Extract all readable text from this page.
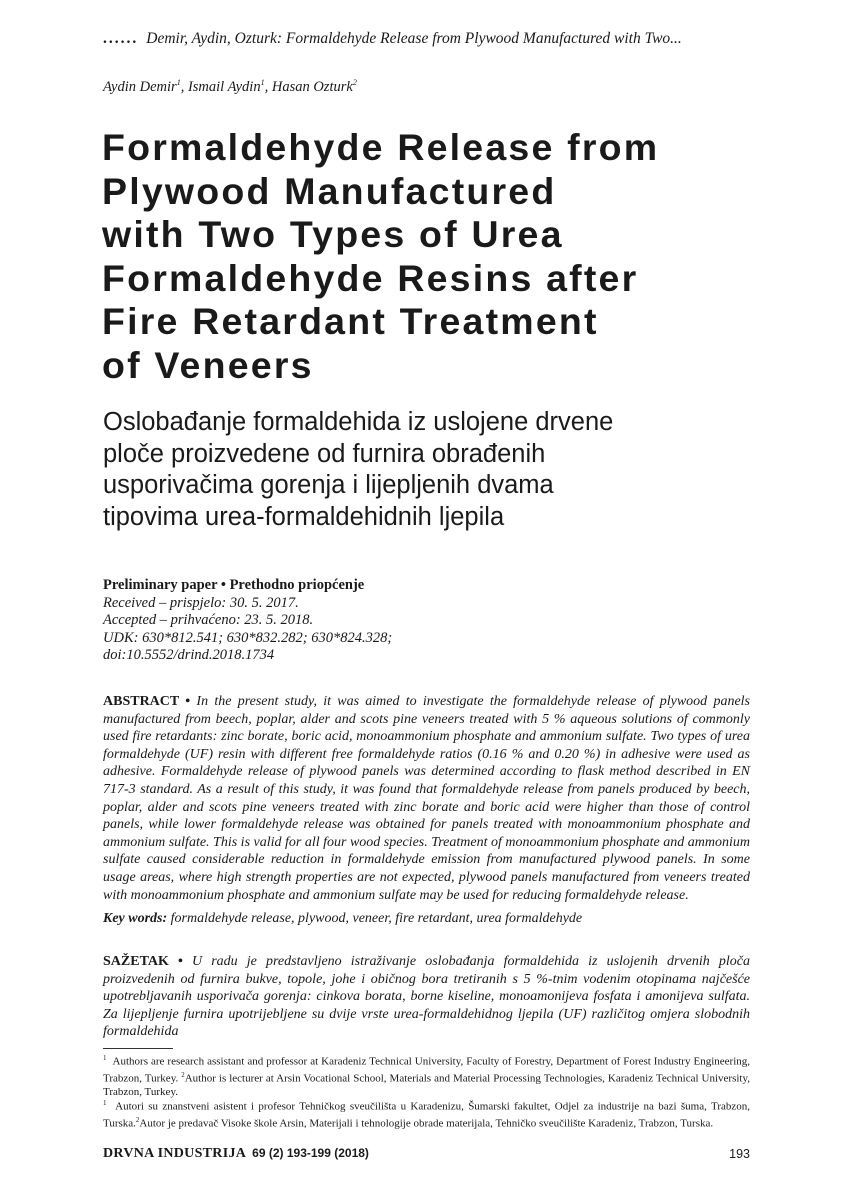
...... Demir, Aydin, Ozturk: Formaldehyde Release from Plywood Manufactured with Two...
Aydin Demir$^1$, Ismail Aydin$^1$, Hasan Ozturk$^2$
Formaldehyde Release from
Plywood Manufactured
with Two Types of Urea
Formaldehyde Resins after
Fire Retardant Treatment
of Veneers
Oslobađanje formaldehida iz uslojene drvene
ploče proizvedene od furnira obrađenih
usporivačima gorenja i lijepljenih dvama
tipovima urea-formaldehidnih ljepila
Preliminary paper • Prethodno priopćenje
Received – prispjelo: 30. 5. 2017.
Accepted – prihvaćeno: 23. 5. 2018.
UDK: 630*812.541; 630*832.282; 630*824.328;
doi:10.5552/drind.2018.1734
ABSTRACT • In the present study, it was aimed to investigate the formaldehyde release of plywood panels manufactured from beech, poplar, alder and scots pine veneers treated with 5 % aqueous solutions of commonly used fire retardants: zinc borate, boric acid, monoammonium phosphate and ammonium sulfate. Two types of urea formaldehyde (UF) resin with different free formaldehyde ratios (0.16 % and 0.20 %) in adhesive were used as adhesive. Formaldehyde release of plywood panels was determined according to flask method described in EN 717-3 standard. As a result of this study, it was found that formaldehyde release from panels produced by beech, poplar, alder and scots pine veneers treated with zinc borate and boric acid were higher than those of control panels, while lower formaldehyde release was obtained for panels treated with monoammonium phosphate and ammonium sulfate. This is valid for all four wood species. Treatment of monoammonium phosphate and ammonium sulfate caused considerable reduction in formaldehyde emission from manufactured plywood panels. In some usage areas, where high strength properties are not expected, plywood panels manufactured from veneers treated with monoammonium phosphate and ammonium sulfate may be used for reducing formaldehyde release.
Key words: formaldehyde release, plywood, veneer, fire retardant, urea formaldehyde
SAŽETAK • U radu je predstavljeno istraživanje oslobađanja formaldehida iz uslojenih drvenih ploča proizvedenih od furnira bukve, topole, johe i običnog bora tretiranih s 5 %-tnim vodenim otopinama najčešće upotrebljavanih usporivača gorenja: cinkova borata, borne kiseline, monoamonijeva fosfata i amonijeva sulfata. Za lijepljenje furnira upotrijebljene su dvije vrste urea-formaldehidnog ljepila (UF) različitog omjera slobodnih formaldehida
$^1$ Authors are research assistant and professor at Karadeniz Technical University, Faculty of Forestry, Department of Forest Industry Engineering, Trabzon, Turkey. $^2$Author is lecturer at Arsin Vocational School, Materials and Material Processing Technologies, Karadeniz Technical University, Trabzon, Turkey.
$^1$ Autori su znanstveni asistent i profesor Tehničkog sveučilišta u Karadenizu, Šumarski fakultet, Odjel za industrije na bazi šuma, Trabzon, Turska.$^2$Autor je predavač Visoke škole Arsin, Materijali i tehnologije obrade materijala, Tehničko sveučilište Karadeniz, Trabzon, Turska.
DRVNA INDUSTRIJA 69 (2) 193-199 (2018)	193
